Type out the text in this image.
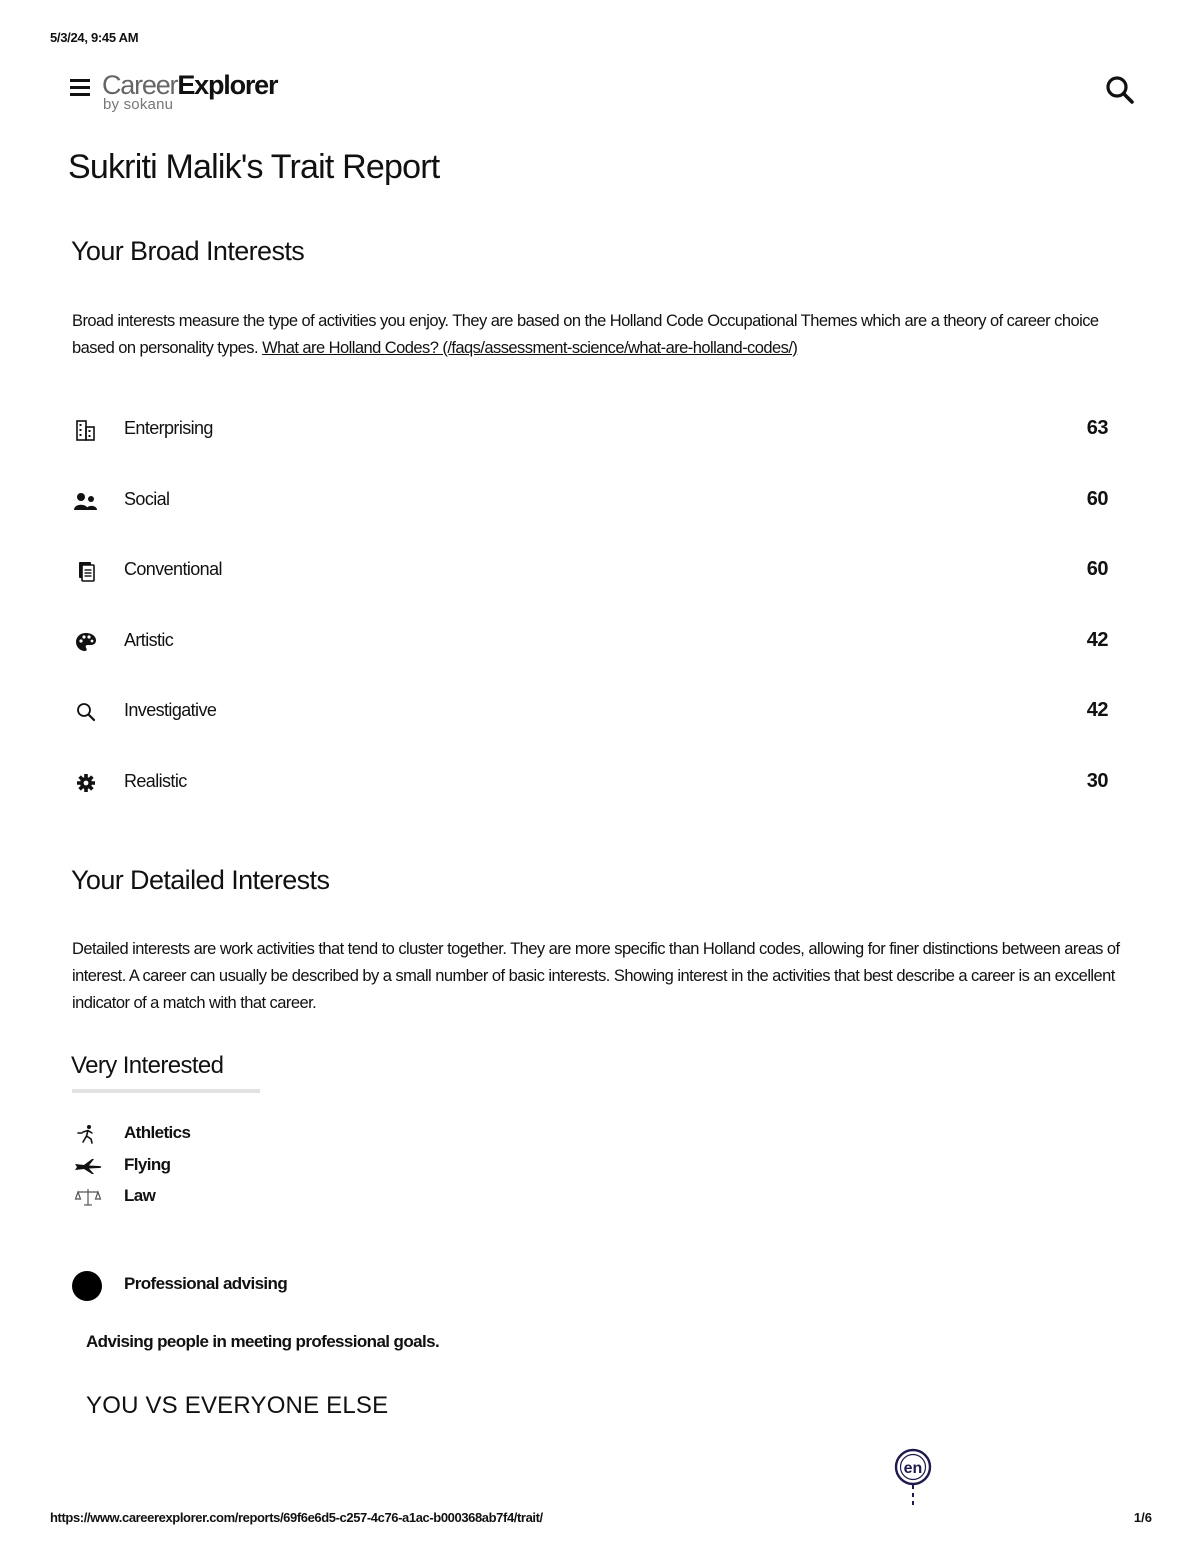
5/3/24, 9:45 AM
CareerExplorer
by sokanu
Sukriti Malik's Trait Report
Your Broad Interests

Broad interests measure the type of activities you enjoy. They are based on the Holland Code Occupational Themes which are a theory of career choice based on personality types. What are Holland Codes? (/faqs/assessment-science/what-are-holland-codes/)

Enterprising	63
Social	60
Conventional	60
Artistic	42
Investigative	42
Realistic	30
Your Detailed Interests

Detailed interests are work activities that tend to cluster together. They are more specific than Holland codes, allowing for finer distinctions between areas of interest. A career can usually be described by a small number of basic interests. Showing interest in the activities that best describe a career is an excellent indicator of a match with that career.

Very Interested
Athletics
Flying
Law
Professional advising
Advising people in meeting professional goals.
YOU VS EVERYONE ELSE
en
https://www.careerexplorer.com/reports/69f6e6d5-c257-4c76-a1ac-b000368ab7f4/trait/	1/6
